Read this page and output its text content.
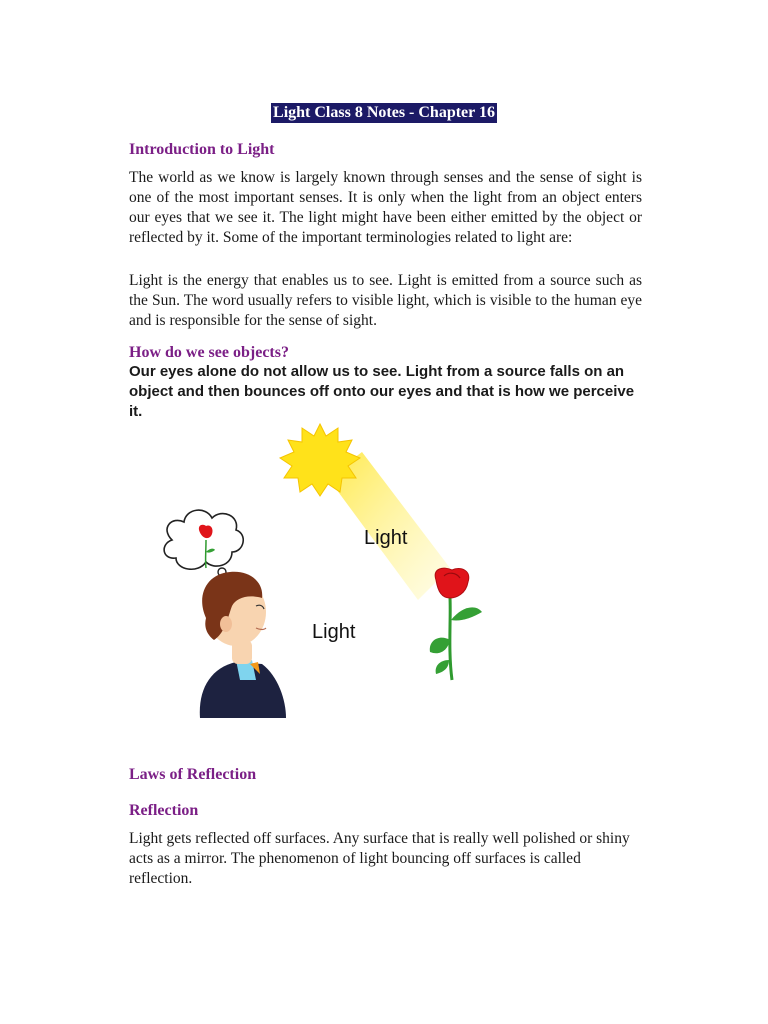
Light Class 8 Notes - Chapter 16
Introduction to Light

The world as we know is largely known through senses and the sense of sight is one of the most important senses. It is only when the light from an object enters our eyes that we see it. The light might have been either emitted by the object or reflected by it. Some of the important terminologies related to light are:

Light is the energy that enables us to see. Light is emitted from a source such as the Sun. The word usually refers to visible light, which is visible to the human eye and is responsible for the sense of sight.

How do we see objects?

Our eyes alone do not allow us to see. Light from a source falls on an object and then bounces off onto our eyes and that is how we perceive it.

Light
Light
Laws of Reflection
Reflection

Light gets reflected off surfaces. Any surface that is really well polished or shiny acts as a mirror. The phenomenon of light bouncing off surfaces is called reflection.
